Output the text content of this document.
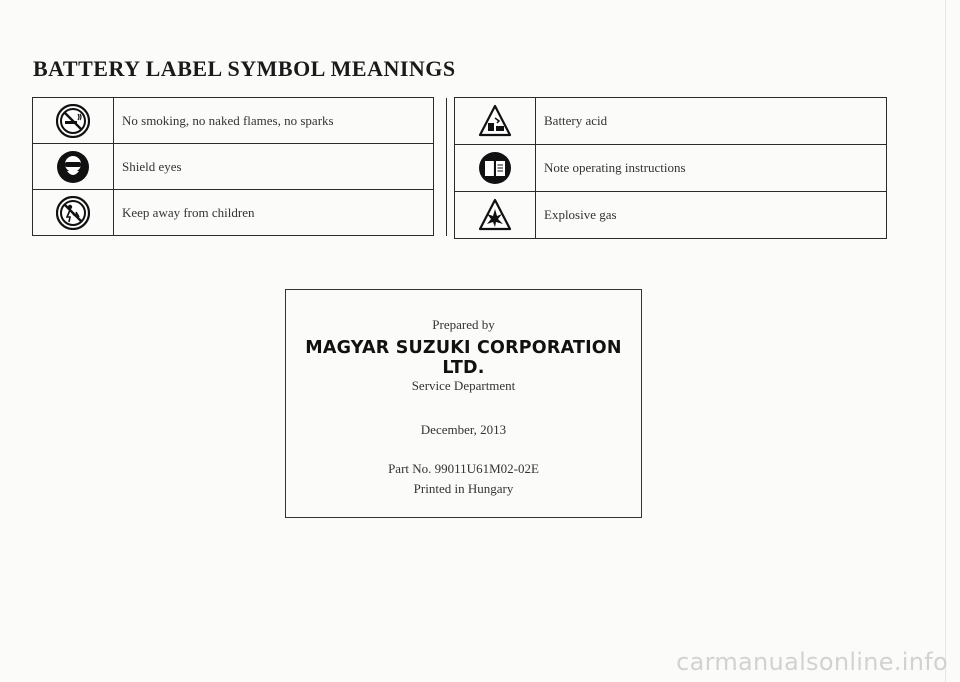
BATTERY LABEL SYMBOL MEANINGS
	No smoking, no naked flames, no sparks	
	Shield eyes	
	Keep away from children	
	Battery acid
	Note operating instructions
	Explosive gas
Prepared by
MAGYAR SUZUKI CORPORATION LTD.
Service Department
December, 2013
Part No. 99011U61M02-02E
Printed in Hungary
carmanualsonline.info
